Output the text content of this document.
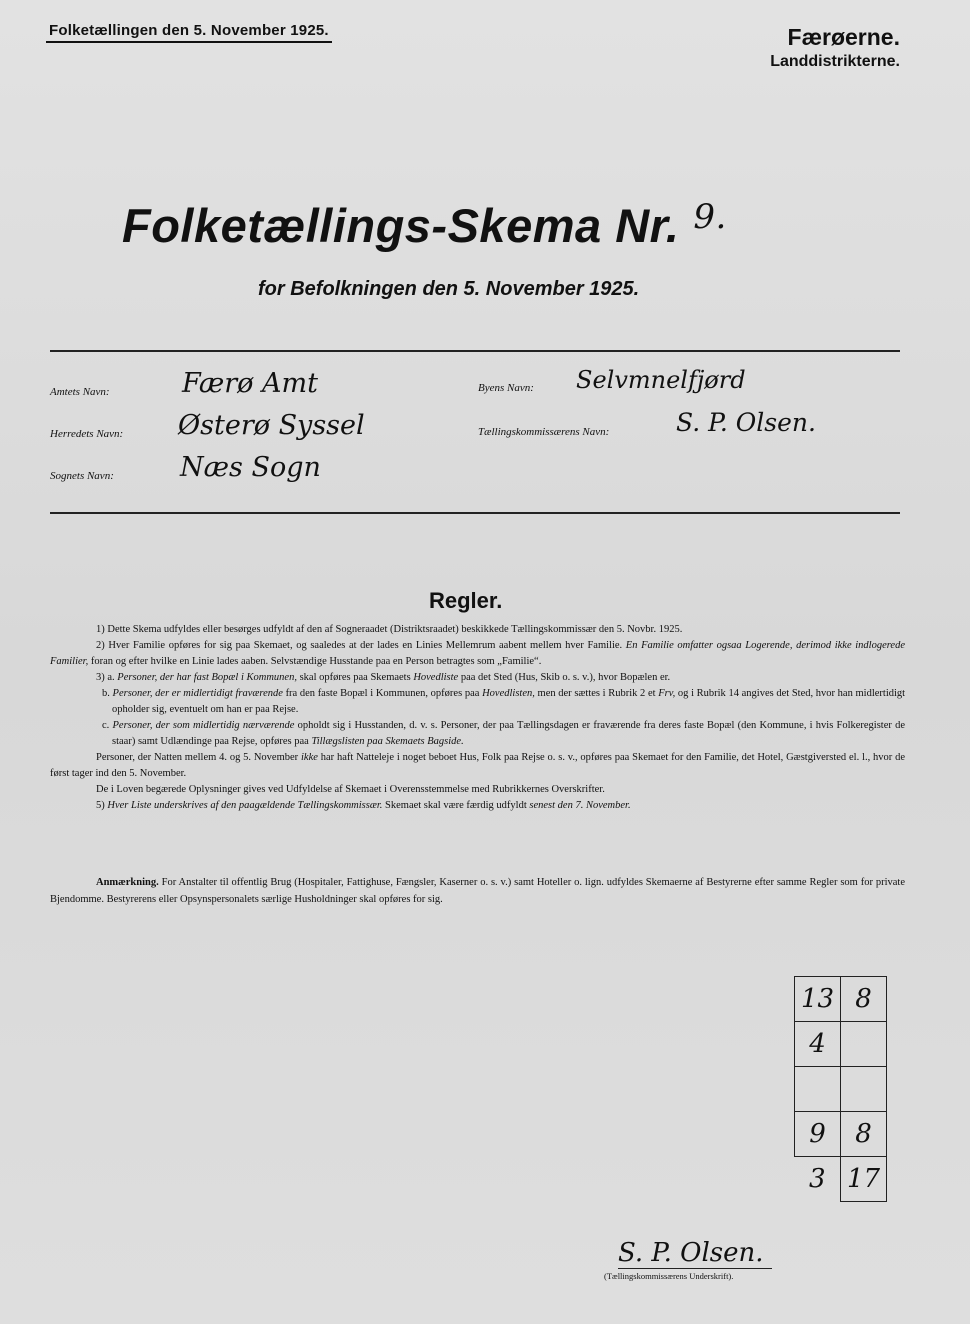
Folketællingen den 5. November 1925.	Færøerne.
Landdistrikterne.
Folketællings-Skema Nr. $^{9.}$
for Befolkningen den 5. November 1925.
Amtets Navn:	Færø Amt	Byens Navn: Selvmnelfjørd
Herredets Navn: Østerø Syssel	Tællingskommissærens Navn:	S. P. Olsen.
Sognets Navn: Næs Sogn
Regler.

1) Dette Skema udfyldes eller besørges udfyldt af den af Sogneraadet (Distriktsraadet) beskikkede Tællingskommissær den 5. Novbr. 1925.

2) Hver Familie opføres for sig paa Skemaet, og saaledes at der lades en Linies Mellemrum aabent mellem hver Familie. En Familie omfatter ogsaa Logerende, derimod ikke indlogerede Familier, foran og efter hvilke en Linie lades aaben. Selvstændige Husstande paa en Person betragtes som „Familie“.

3) a. Personer, der har fast Bopæl i Kommunen, skal opføres paa Skemaets Hovedliste paa det Sted (Hus, Skib o. s. v.), hvor Bopælen er.

b. Personer, der er midlertidigt fraværende fra den faste Bopæl i Kommunen, opføres paa Hovedlisten, men der sættes i Rubrik 2 et Frv, og i Rubrik 14 angives det Sted, hvor han midlertidigt opholder sig, eventuelt om han er paa Rejse.

c. Personer, der som midlertidig nærværende opholdt sig i Husstanden, d. v. s. Personer, der paa Tællingsdagen er fraværende fra deres faste Bopæl (den Kommune, i hvis Folkeregister de staar) samt Udlændinge paa Rejse, opføres paa Tillægslisten paa Skemaets Bagside.

Personer, der Natten mellem 4. og 5. November ikke har haft Natteleje i noget beboet Hus, Folk paa Rejse o. s. v., opføres paa Skemaet for den Familie, det Hotel, Gæstgiversted el. l., hvor de først tager ind den 5. November.

De i Loven begærede Oplysninger gives ved Udfyldelse af Skemaet i Overensstemmelse med Rubrikkernes Overskrifter.

5) Hver Liste underskrives af den paagældende Tællingskommissær. Skemaet skal være færdig udfyldt senest den 7. November.

Anmærkning. For Anstalter til offentlig Brug (Hospitaler, Fattighuse, Fængsler, Kaserner o. s. v.) samt Hoteller o. lign. udfyldes Skemaerne af Bestyrerne efter samme Regler som for private Bjendomme. Bestyrerens eller Opsynspersonalets særlige Husholdninger skal opføres for sig.
13	8
4	

9	8
3	17
S. P. Olsen.
(Tællingskommissærens Underskrift).
